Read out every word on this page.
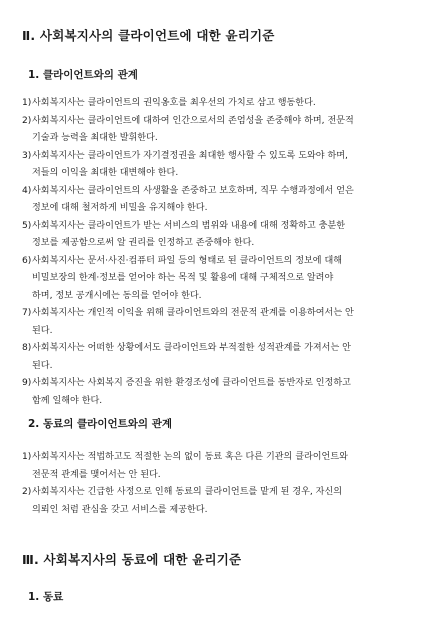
Ⅱ. 사회복지사의 클라이언트에 대한 윤리기준
1. 클라이언트와의 관계
1) 사회복지사는 클라이언트의 권익옹호를 최우선의 가치로 삼고 행동한다.
2) 사회복지사는 클라이언트에 대하여 인간으로서의 존엄성을 존중해야 하며, 전문적
기술과 능력을 최대한 발휘한다.
3) 사회복지사는 클라이언트가 자기결정권을 최대한 행사할 수 있도록 도와야 하며,
저들의 이익을 최대한 대변해야 한다.
4) 사회복지사는 클라이언트의 사생활을 존중하고 보호하며, 직무 수행과정에서 얻은
정보에 대해 철저하게 비밀을 유지해야 한다.
5) 사회복지사는 클라이언트가 받는 서비스의 범위와 내용에 대해 정확하고 충분한
정보를 제공함으로써 알 권리를 인정하고 존중해야 한다.
6) 사회복지사는 문서·사진·컴퓨터 파일 등의 형태로 된 클라이언트의 정보에 대해
비밀보장의 한계·정보를 얻어야 하는 목적 및 활용에 대해 구체적으로 알려야
하며, 정보 공개시에는 동의를 얻어야 한다.
7) 사회복지사는 개인적 이익을 위해 클라이언트와의 전문적 관계를 이용하여서는 안
된다.
8) 사회복지사는 어떠한 상황에서도 클라이언트와 부적절한 성적관계를 가져서는 안
된다.
9) 사회복지사는 사회복지 증진을 위한 환경조성에 클라이언트를 동반자로 인정하고
함께 일해야 한다.
2. 동료의 클라이언트와의 관계
1) 사회복지사는 적법하고도 적절한 논의 없이 동료 혹은 다른 기관의 클라이언트와
전문적 관계를 맺어서는 안 된다.
2) 사회복지사는 긴급한 사정으로 인해 동료의 클라이언트를 맡게 된 경우, 자신의
의뢰인 처럼 관심을 갖고 서비스를 제공한다.
Ⅲ. 사회복지사의 동료에 대한 윤리기준
1. 동료
